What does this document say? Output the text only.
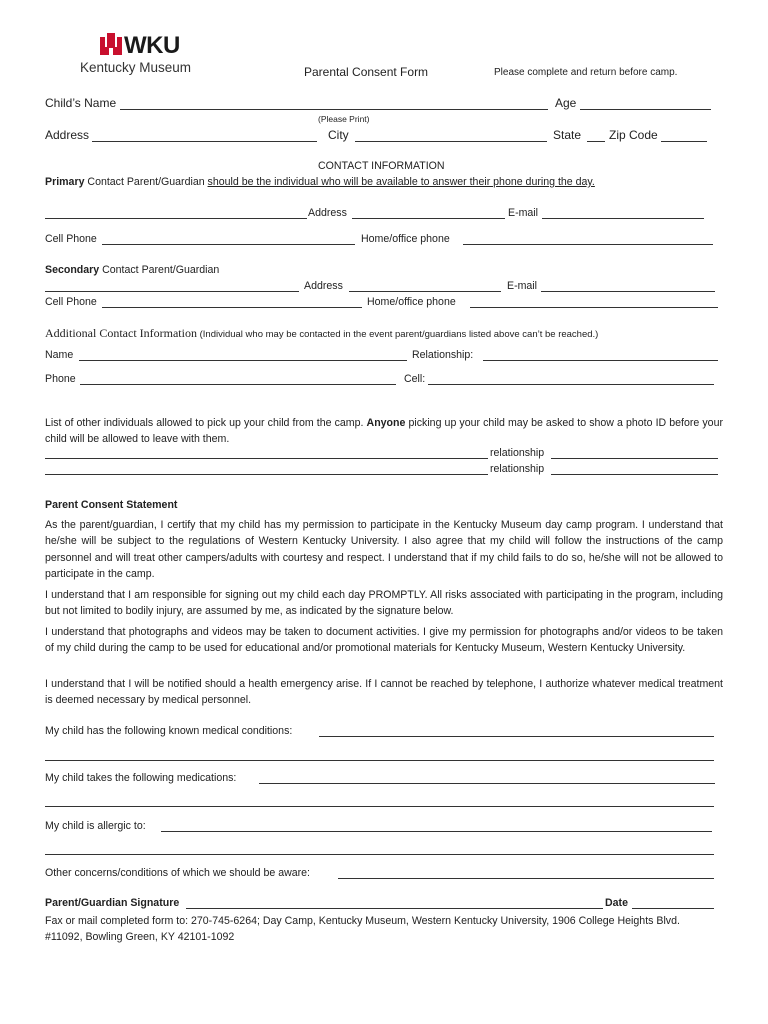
WKU
Kentucky Museum	Parental Consent Form	Please complete and return before camp.
Child’s Name	Age
(Please Print)
Address	City	State Zip Code
CONTACT INFORMATION
Primary Contact Parent/Guardian should be the individual who will be available to answer their phone during the day.
Address	E-mail
Cell Phone	Home/office phone
Secondary Contact Parent/Guardian
Address	E-mail
Cell Phone	Home/office phone
Additional Contact Information (Individual who may be contacted in the event parent/guardians listed above can’t be reached.)
Name	Relationship:
Phone	Cell:

List of other individuals allowed to pick up your child from the camp. Anyone picking up your child may be asked to show a photo ID before your child will be allowed to leave with them.

relationship
relationship
Parent Consent Statement

As the parent/guardian, I certify that my child has my permission to participate in the Kentucky Museum day camp program. I understand that he/she will be subject to the regulations of Western Kentucky University. I also agree that my child will follow the instructions of the camp personnel and will treat other campers/adults with courtesy and respect. I understand that if my child fails to do so, he/she will not be allowed to participate in the camp.

I understand that I am responsible for signing out my child each day PROMPTLY. All risks associated with participating in the program, including but not limited to bodily injury, are assumed by me, as indicated by the signature below.

I understand that photographs and videos may be taken to document activities. I give my permission for photographs and/or videos to be taken of my child during the camp to be used for educational and/or promotional materials for Kentucky Museum, Western Kentucky University.

I understand that I will be notified should a health emergency arise. If I cannot be reached by telephone, I authorize whatever medical treatment is deemed necessary by medical personnel.

My child has the following known medical conditions:
My child takes the following medications:
My child is allergic to:
Other concerns/conditions of which we should be aware:
Parent/Guardian Signature	Date

Fax or mail completed form to: 270-745-6264; Day Camp, Kentucky Museum, Western Kentucky University, 1906 College Heights Blvd. #11092, Bowling Green, KY 42101-1092
